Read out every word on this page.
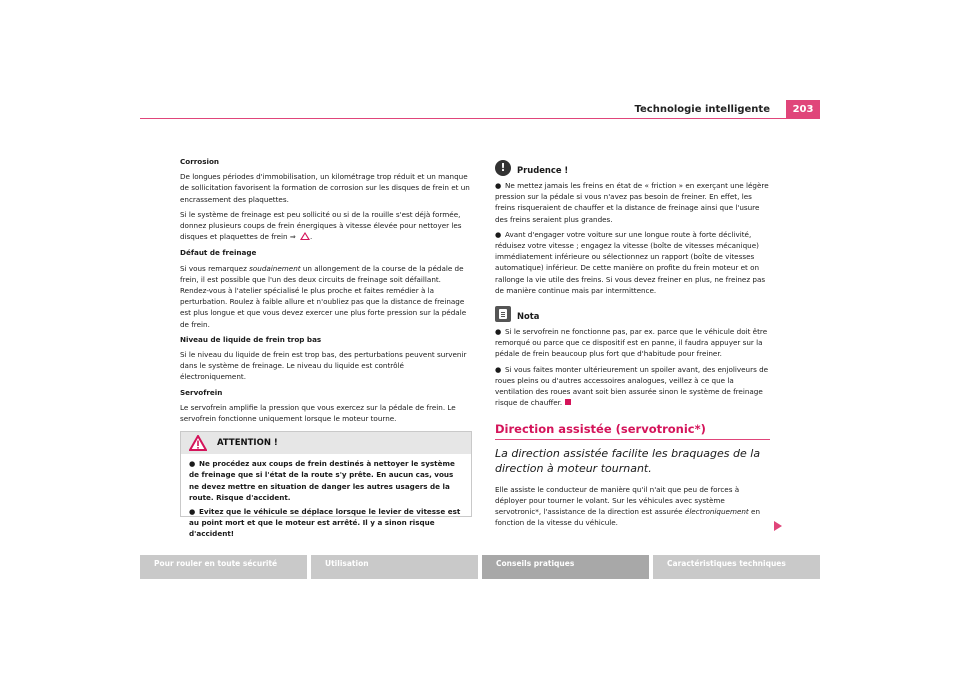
Technologie intelligente	203

Corrosion

De longues périodes d'immobilisation, un kilométrage trop réduit et un manque de sollicitation favorisent la formation de corrosion sur les disques de frein et un encrassement des plaquettes.

Si le système de freinage est peu sollicité ou si de la rouille s'est déjà formée, donnez plusieurs coups de frein énergiques à vitesse élevée pour nettoyer les disques et plaquettes de frein ⇒ .

Défaut de freinage

Si vous remarquez soudainement un allongement de la course de la pédale de frein, il est possible que l'un des deux circuits de freinage soit défaillant. Rendez-vous à l'atelier spécialisé le plus proche et faites remédier à la perturbation. Roulez à faible allure et n'oubliez pas que la distance de freinage est plus longue et que vous devez exercer une plus forte pression sur la pédale de frein.

Niveau de liquide de frein trop bas

Si le niveau du liquide de frein est trop bas, des perturbations peuvent survenir dans le système de freinage. Le niveau du liquide est contrôlé électroniquement.

Servofrein

Le servofrein amplifie la pression que vous exercez sur la pédale de frein. Le servofrein fonctionne uniquement lorsque le moteur tourne.

ATTENTION !

● Ne procédez aux coups de frein destinés à nettoyer le système de freinage que si l'état de la route s'y prête. En aucun cas, vous ne devez mettre en situation de danger les autres usagers de la route. Risque d'accident.

● Evitez que le véhicule se déplace lorsque le levier de vitesse est au point mort et que le moteur est arrêté. Il y a sinon risque d'accident!

!	Prudence !

● Ne mettez jamais les freins en état de « friction » en exerçant une légère pression sur la pédale si vous n'avez pas besoin de freiner. En effet, les freins risqueraient de chauffer et la distance de freinage ainsi que l'usure des freins seraient plus grandes.

● Avant d'engager votre voiture sur une longue route à forte déclivité, réduisez votre vitesse ; engagez la vitesse (boîte de vitesses mécanique) immédiatement inférieure ou sélectionnez un rapport (boîte de vitesses automatique) inférieur. De cette manière on profite du frein moteur et on rallonge la vie utile des freins. Si vous devez freiner en plus, ne freinez pas de manière continue mais par intermittence.

Nota

● Si le servofrein ne fonctionne pas, par ex. parce que le véhicule doit être remorqué ou parce que ce dispositif est en panne, il faudra appuyer sur la pédale de frein beaucoup plus fort que d'habitude pour freiner.

● Si vous faites monter ultérieurement un spoiler avant, des enjoliveurs de roues pleins ou d'autres accessoires analogues, veillez à ce que la ventilation des roues avant soit bien assurée sinon le système de freinage risque de chauffer.

Direction assistée (servotronic*)
La direction assistée facilite les braquages de la direction à moteur tournant.

Elle assiste le conducteur de manière qu'il n'ait que peu de forces à déployer pour tourner le volant. Sur les véhicules avec système servotronic*, l'assistance de la direction est assurée électroniquement en fonction de la vitesse du véhicule.

Pour rouler en toute sécurité	Utilisation	Conseils pratiques	Caractéristiques techniques
